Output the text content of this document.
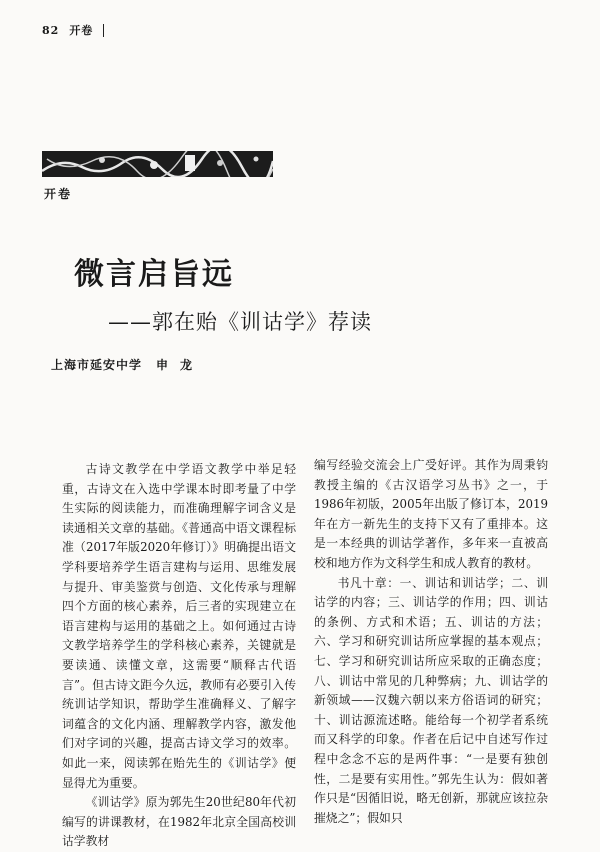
82 开卷
开卷
微言启旨远
——郭在贻《训诂学》荐读
上海市延安中学 申龙

古诗文教学在中学语文教学中举足轻重，古诗文在入选中学课本时即考量了中学生实际的阅读能力，而准确理解字词含义是读通相关文章的基础。《普通高中语文课程标准（2017年版2020年修订）》明确提出语文学科要培养学生语言建构与运用、思维发展与提升、审美鉴赏与创造、文化传承与理解四个方面的核心素养，后三者的实现建立在语言建构与运用的基础之上。如何通过古诗文教学培养学生的学科核心素养，关键就是要读通、读懂文章，这需要“顺释古代语言”。但古诗文距今久远，教师有必要引入传统训诂学知识，帮助学生准确释义、了解字词蕴含的文化内涵、理解教学内容，激发他们对字词的兴趣，提高古诗文学习的效率。如此一来，阅读郭在贻先生的《训诂学》便显得尤为重要。

《训诂学》原为郭先生20世纪80年代初编写的讲课教材，在1982年北京全国高校训诂学教材

编写经验交流会上广受好评。其作为周秉钧教授主编的《古汉语学习丛书》之一，于1986年初版，2005年出版了修订本，2019年在方一新先生的支持下又有了重排本。这是一本经典的训诂学著作，多年来一直被高校和地方作为文科学生和成人教育的教材。

书凡十章：一、训诂和训诂学；二、训诂学的内容；三、训诂学的作用；四、训诂的条例、方式和术语；五、训诂的方法；六、学习和研究训诂所应掌握的基本观点；七、学习和研究训诂所应采取的正确态度；八、训诂中常见的几种弊病；九、训诂学的新领域——汉魏六朝以来方俗语词的研究；十、训诂源流述略。能给每一个初学者系统而又科学的印象。作者在后记中自述写作过程中念念不忘的是两件事：“一是要有独创性，二是要有实用性。”郭先生认为：假如著作只是“因循旧说，略无创新，那就应该拉杂摧烧之”；假如只
